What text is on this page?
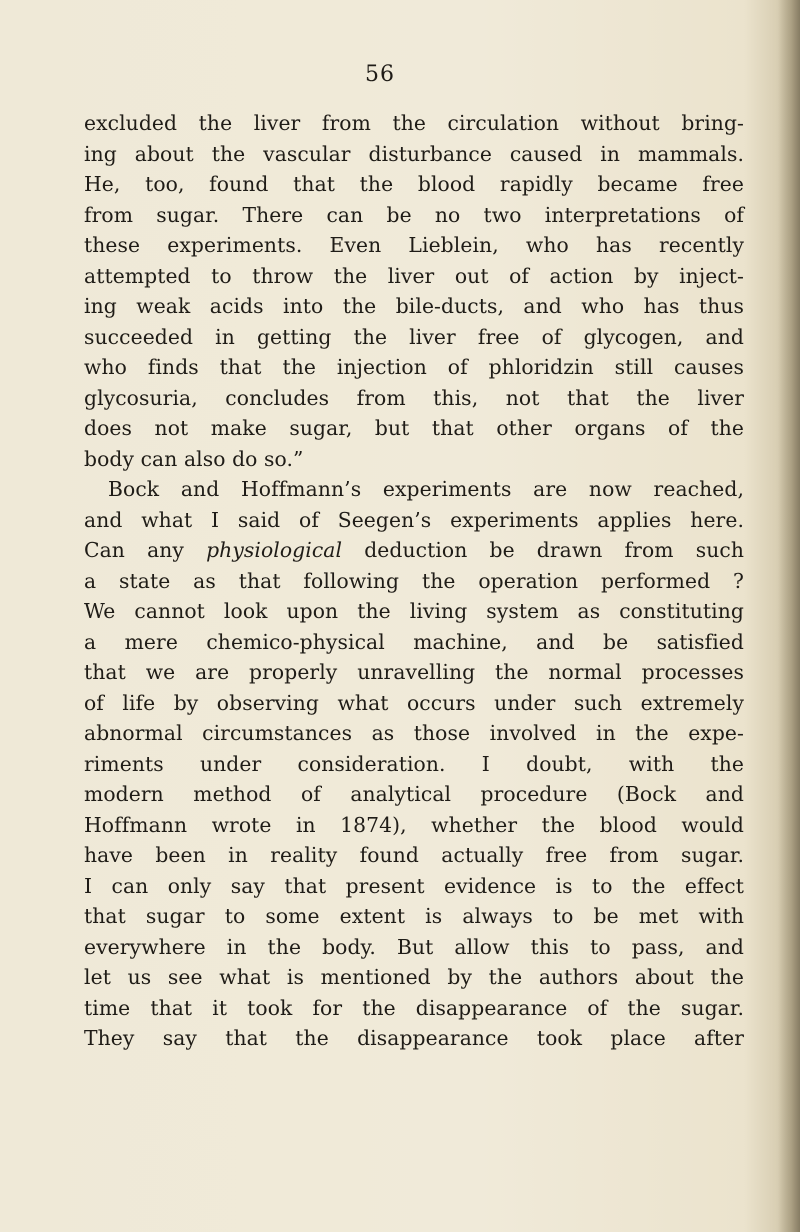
56
excluded the liver from the circulation without bring-
ing about the vascular disturbance caused in mammals.
He, too, found that the blood rapidly became free
from sugar. There can be no two interpretations of
these experiments. Even Lieblein, who has recently
attempted to throw the liver out of action by inject-
ing weak acids into the bile-ducts, and who has thus
succeeded in getting the liver free of glycogen, and
who finds that the injection of phloridzin still causes
glycosuria, concludes from this, not that the liver
does not make sugar, but that other organs of the
body can also do so.”
Bock and Hoffmann’s experiments are now reached,
and what I said of Seegen’s experiments applies here.
Can any physiological deduction be drawn from such
a state as that following the operation performed ?
We cannot look upon the living system as constituting
a mere chemico-physical machine, and be satisfied
that we are properly unravelling the normal processes
of life by observing what occurs under such extremely
abnormal circumstances as those involved in the expe-
riments under consideration. I doubt, with the
modern method of analytical procedure (Bock and
Hoffmann wrote in 1874), whether the blood would
have been in reality found actually free from sugar.
I can only say that present evidence is to the effect
that sugar to some extent is always to be met with
everywhere in the body. But allow this to pass, and
let us see what is mentioned by the authors about the
time that it took for the disappearance of the sugar.
They say that the disappearance took place after
